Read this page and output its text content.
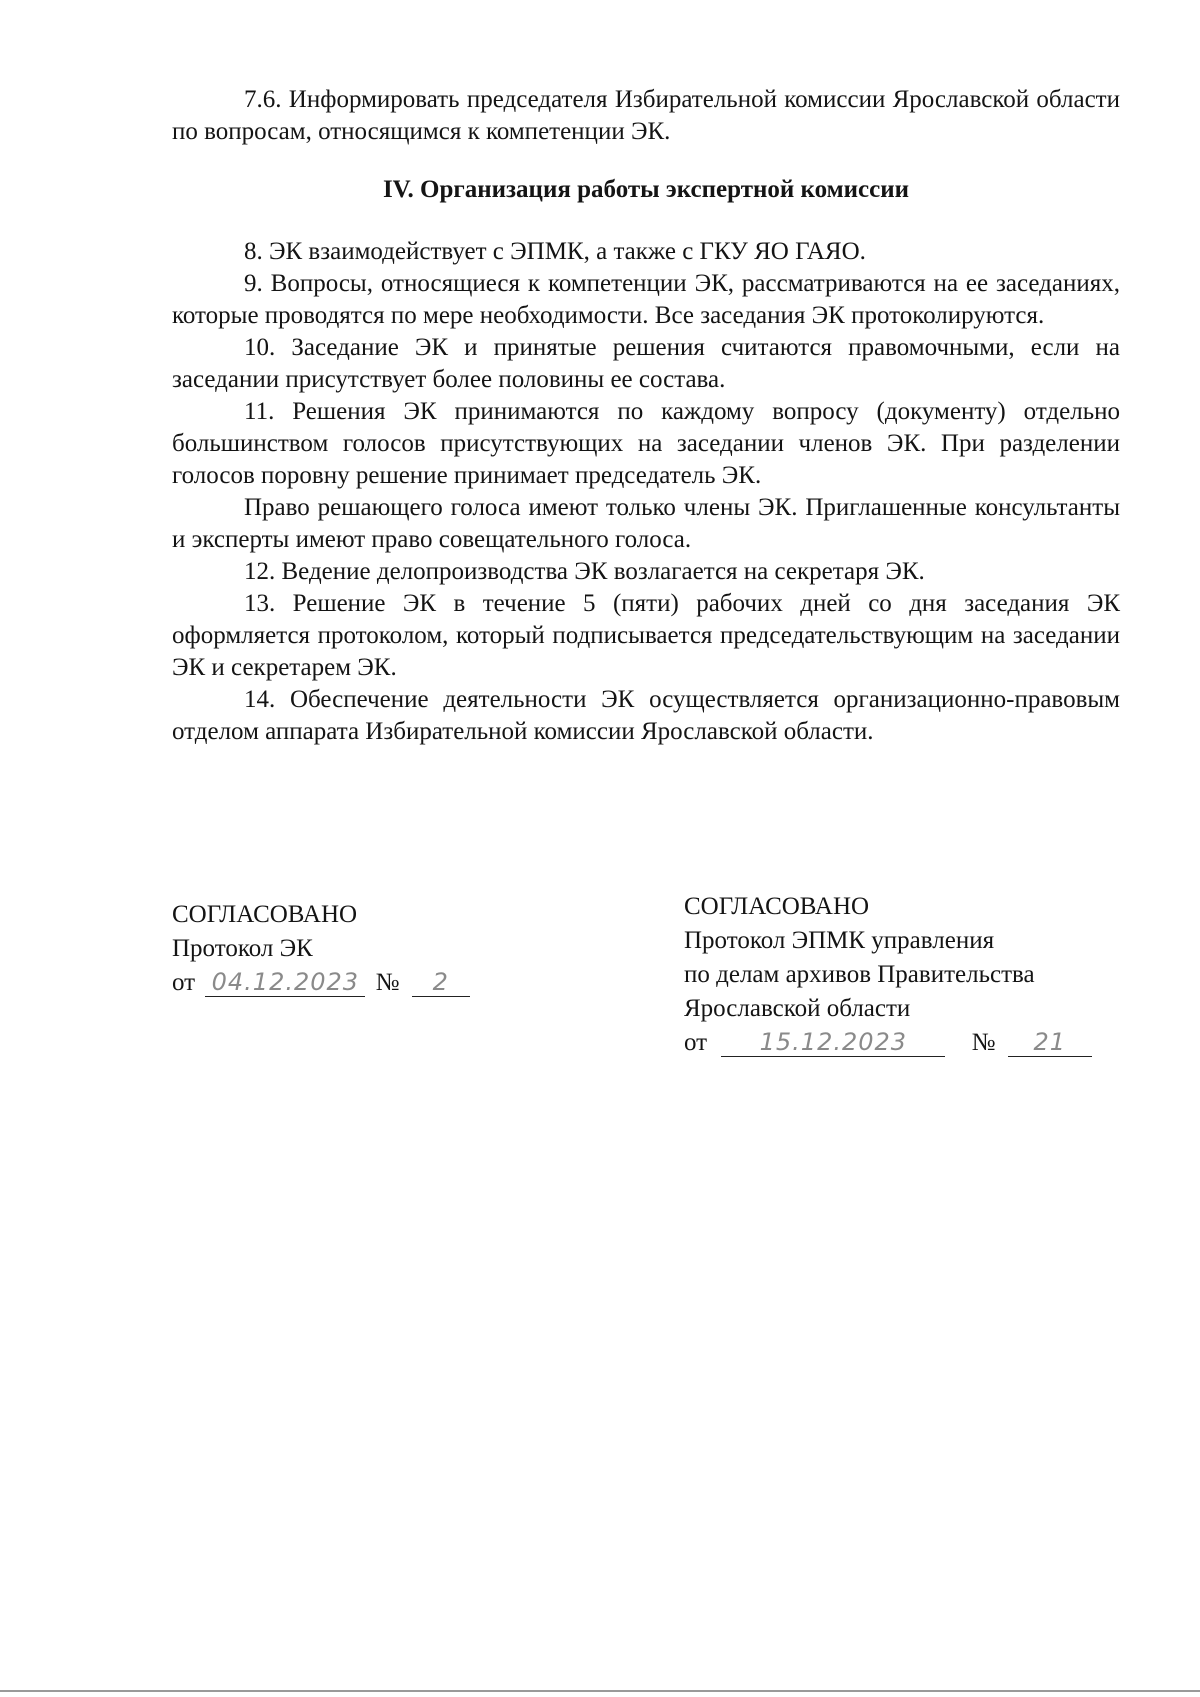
7.6. Информировать председателя Избирательной комиссии Ярославской области по вопросам, относящимся к компетенции ЭК.

IV. Организация работы экспертной комиссии

8. ЭК взаимодействует с ЭПМК, а также с ГКУ ЯО ГАЯО.

9. Вопросы, относящиеся к компетенции ЭК, рассматриваются на ее заседаниях, которые проводятся по мере необходимости. Все заседания ЭК протоколируются.

10. Заседание ЭК и принятые решения считаются правомочными, если на заседании присутствует более половины ее состава.

11. Решения ЭК принимаются по каждому вопросу (документу) отдельно большинством голосов присутствующих на заседании членов ЭК. При разделении голосов поровну решение принимает председатель ЭК.

Право решающего голоса имеют только члены ЭК. Приглашенные консультанты и эксперты имеют право совещательного голоса.

12. Ведение делопроизводства ЭК возлагается на секретаря ЭК.

13. Решение ЭК в течение 5 (пяти) рабочих дней со дня заседания ЭК оформляется протоколом, который подписывается председательствующим на заседании ЭК и секретарем ЭК.

14. Обеспечение деятельности ЭК осуществляется организационно-правовым отделом аппарата Избирательной комиссии Ярославской области.

СОГЛАСОВАНО
Протокол ЭК
от 04.12.2023 № 2
СОГЛАСОВАНО
Протокол ЭПМК управления
по делам архивов Правительства
Ярославской области
от 15.12.2023	№ 21
